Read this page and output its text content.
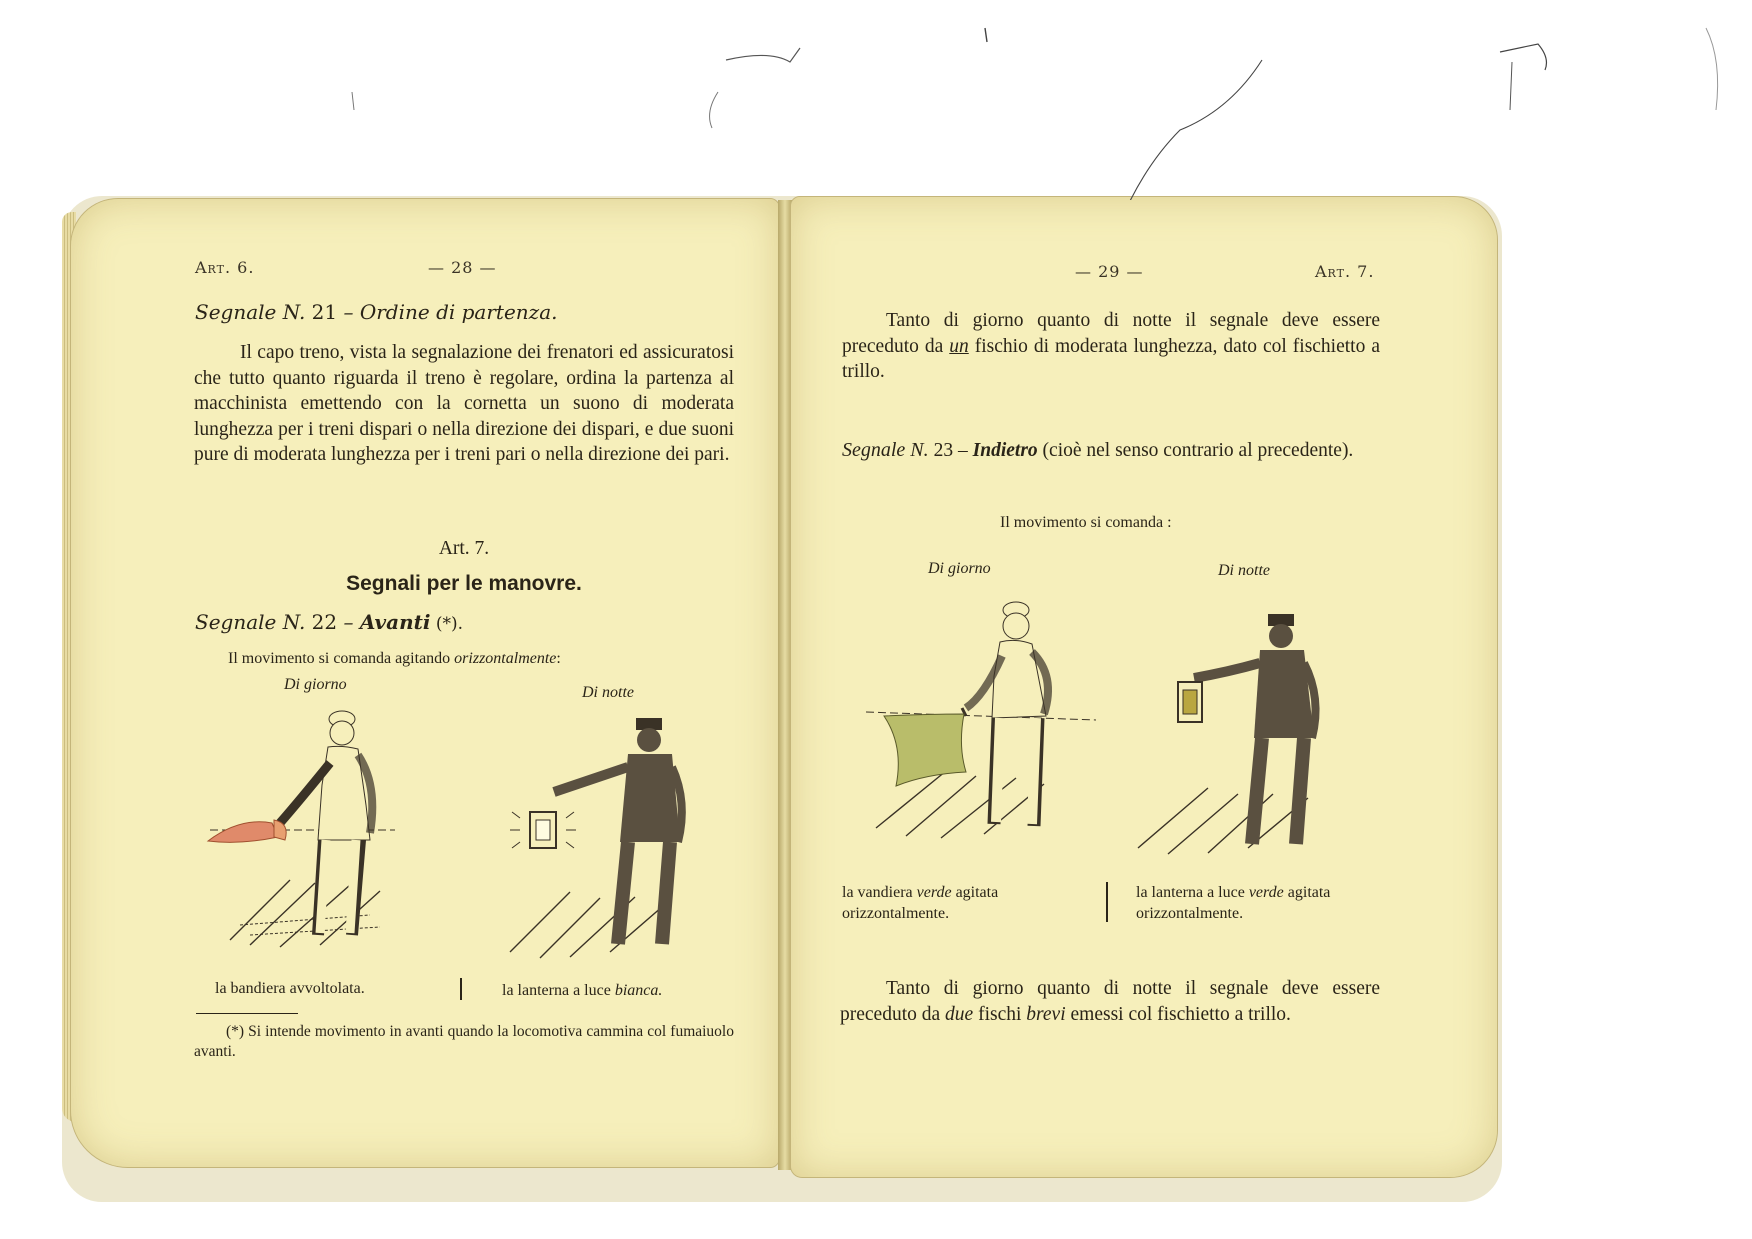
Art. 6.	— 28 —
Segnale N. 21 – Ordine di partenza.
Il capo treno, vista la segnalazione dei frenatori ed assicuratosi che tutto quanto riguarda il treno è regolare, ordina la partenza al macchinista emettendo con la cornetta un suono di moderata lunghezza per i treni dispari o nella direzione dei dispari, e due suoni pure di moderata lunghezza per i treni pari o nella direzione dei pari.
Art. 7.
Segnali per le manovre.
Segnale N. 22 – Avanti (*).
Il movimento si comanda agitando orizzontalmente:
Di giorno	Di notte
la bandiera avvoltolata.	la lanterna a luce bianca.
(*) Si intende movimento in avanti quando la locomotiva cammina col fumaiuolo avanti.
— 29 —	Art. 7.
Tanto di giorno quanto di notte il segnale deve essere preceduto da un fischio di moderata lunghezza, dato col fischietto a trillo.
Segnale N. 23 – Indietro (cioè nel senso contrario al precedente).
Il movimento si comanda :
Di giorno	Di notte
la vandiera verde agitata orizzontalmente.
la lanterna a luce verde agitata orizzontalmente.
Tanto di giorno quanto di notte il segnale deve essere preceduto da due fischi brevi emessi col fischietto a trillo.
